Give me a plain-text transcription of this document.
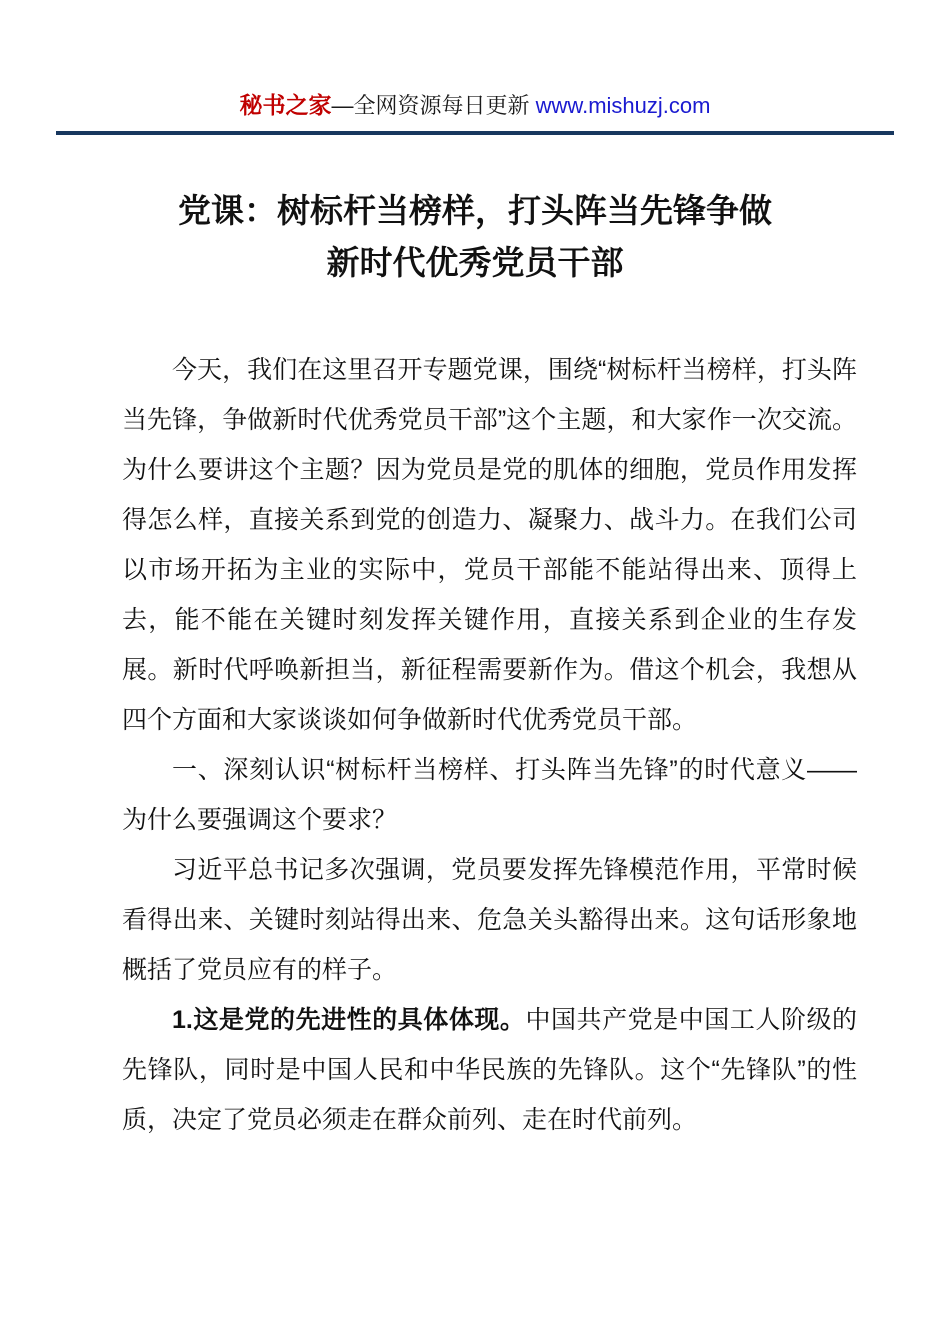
秘书之家—全网资源每日更新 www.mishuzj.com
党课：树标杆当榜样，打头阵当先锋争做
新时代优秀党员干部

今天，我们在这里召开专题党课，围绕“树标杆当榜样，打头阵当先锋，争做新时代优秀党员干部”这个主题，和大家作一次交流。为什么要讲这个主题？因为党员是党的肌体的细胞，党员作用发挥得怎么样，直接关系到党的创造力、凝聚力、战斗力。在我们公司以市场开拓为主业的实际中，党员干部能不能站得出来、顶得上去，能不能在关键时刻发挥关键作用，直接关系到企业的生存发展。新时代呼唤新担当，新征程需要新作为。借这个机会，我想从四个方面和大家谈谈如何争做新时代优秀党员干部。

一、深刻认识“树标杆当榜样、打头阵当先锋”的时代意义——为什么要强调这个要求？

习近平总书记多次强调，党员要发挥先锋模范作用，平常时候看得出来、关键时刻站得出来、危急关头豁得出来。这句话形象地概括了党员应有的样子。

1.这是党的先进性的具体体现。中国共产党是中国工人阶级的先锋队，同时是中国人民和中华民族的先锋队。这个“先锋队”的性质，决定了党员必须走在群众前列、走在时代前列。
